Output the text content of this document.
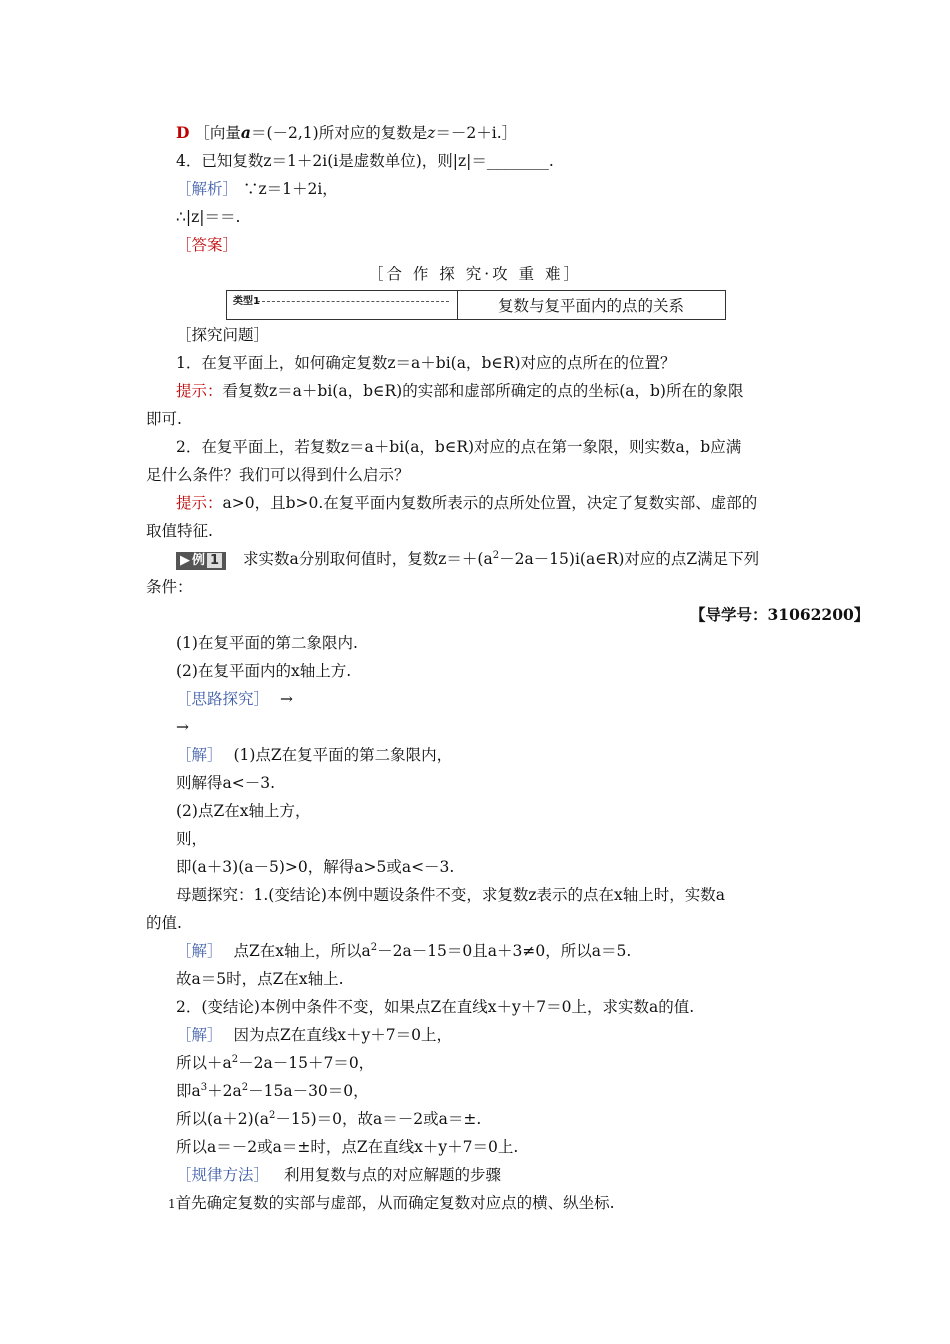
D ［向量a＝(－2,1)所对应的复数是z＝－2＋i.］
4．已知复数z＝1＋2i(i是虚数单位)，则|z|＝________.
［解析］ ∵z＝1＋2i，
∴|z|＝＝.
［答案］
［合 作 探 究·攻 重 难］
类型1	复数与复平面内的点的关系
［探究问题］
1．在复平面上，如何确定复数z＝a＋bi(a，b∈R)对应的点所在的位置？
提示：看复数z＝a＋bi(a，b∈R)的实部和虚部所确定的点的坐标(a，b)所在的象限
即可.
2．在复平面上，若复数z＝a＋bi(a，b∈R)对应的点在第一象限，则实数a，b应满
足什么条件？我们可以得到什么启示？
提示：a>0，且b>0.在复平面内复数所表示的点所处位置，决定了复数实部、虚部的
取值特征.
▶ 例 1 求实数a分别取何值时，复数$z=+(a^2-2a-15)i(a\in R)$对应的点Z满足下列
条件：
【导学号：31062200】
(1)在复平面的第二象限内.
(2)在复平面内的x轴上方.
［思路探究］ →
→
［解］ (1)点Z在复平面的第二象限内，
则解得a<－3.
(2)点Z在x轴上方，
则，
即(a＋3)(a－5)>0，解得a>5或a<－3.
母题探究：1.(变结论)本例中题设条件不变，求复数z表示的点在x轴上时，实数a
的值.
［解］ 点Z在x轴上，所以$a^2-2a-15=0$且a＋3≠0，所以a＝5.
故a＝5时，点Z在x轴上.
2．(变结论)本例中条件不变，如果点Z在直线x＋y＋7＝0上，求实数a的值.
［解］ 因为点Z在直线x＋y＋7＝0上，
所以$+a^2-2a-15+7=0$，
即$a^3+2a^2-15a-30=0$，
所以$(a+2)(a^2-15)=0$，故a＝－2或a＝±.
所以a＝－2或a＝±时，点Z在直线x＋y＋7＝0上.
［规律方法］ 利用复数与点的对应解题的步骤
1首先确定复数的实部与虚部，从而确定复数对应点的横、纵坐标.
